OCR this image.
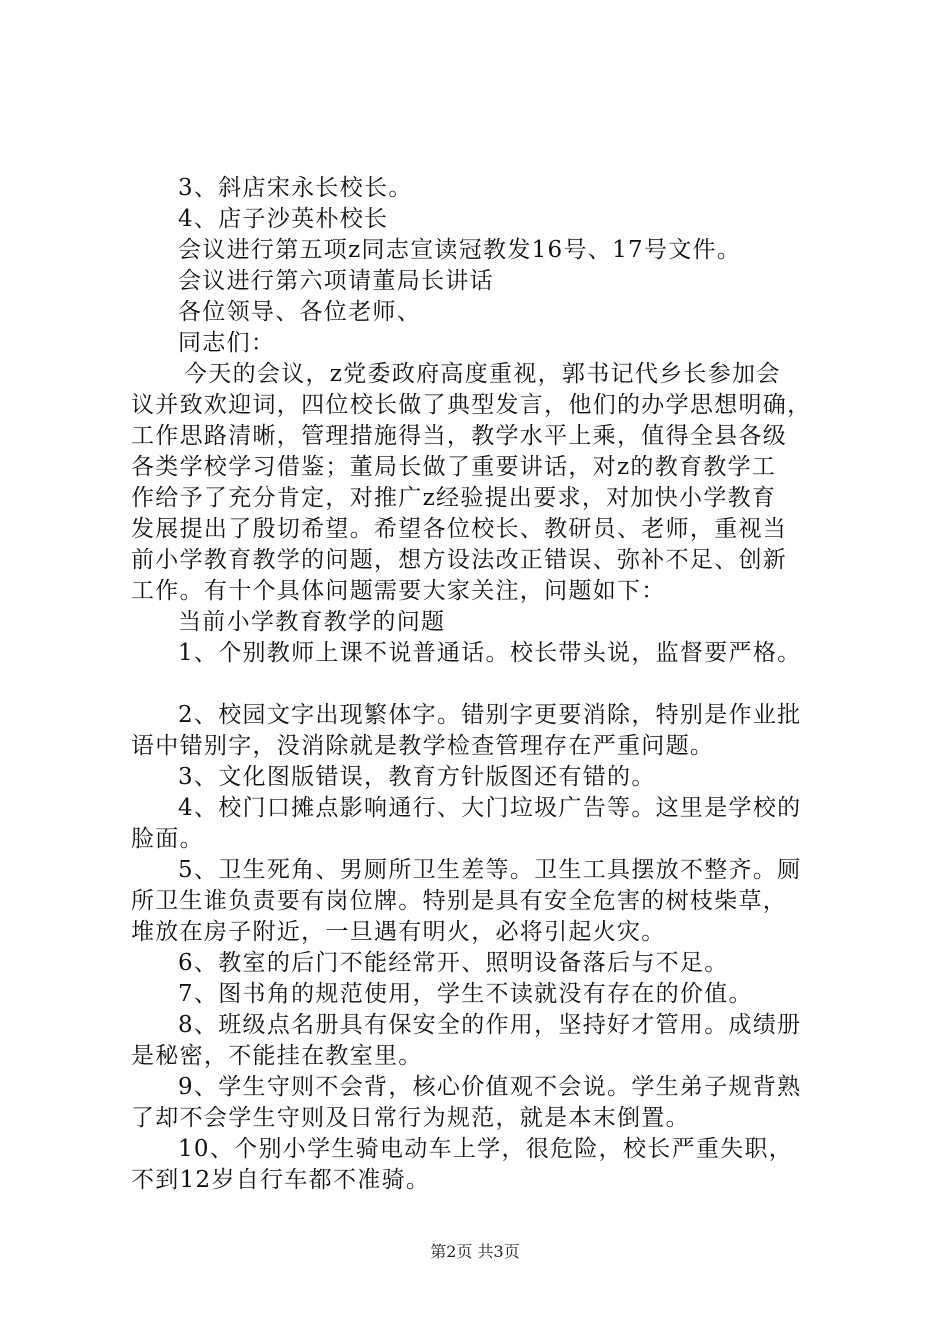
3、斜店宋永长校长。
4、店子沙英朴校长
会议进行第五项z同志宣读冠教发16号、17号文件。
会议进行第六项请董局长讲话
各位领导、各位老师、
同志们：
今天的会议，z党委政府高度重视，郭书记代乡长参加会
议并致欢迎词，四位校长做了典型发言，他们的办学思想明确，
工作思路清晰，管理措施得当，教学水平上乘，值得全县各级
各类学校学习借鉴；董局长做了重要讲话，对z的教育教学工
作给予了充分肯定，对推广z经验提出要求，对加快小学教育
发展提出了殷切希望。希望各位校长、教研员、老师，重视当
前小学教育教学的问题，想方设法改正错误、弥补不足、创新
工作。有十个具体问题需要大家关注，问题如下：
当前小学教育教学的问题
1、个别教师上课不说普通话。校长带头说，监督要严格。
2、校园文字出现繁体字。错别字更要消除，特别是作业批
语中错别字，没消除就是教学检查管理存在严重问题。
3、文化图版错误，教育方针版图还有错的。
4、校门口摊点影响通行、大门垃圾广告等。这里是学校的
脸面。
5、卫生死角、男厕所卫生差等。卫生工具摆放不整齐。厕
所卫生谁负责要有岗位牌。特别是具有安全危害的树枝柴草，
堆放在房子附近，一旦遇有明火，必将引起火灾。
6、教室的后门不能经常开、照明设备落后与不足。
7、图书角的规范使用，学生不读就没有存在的价值。
8、班级点名册具有保安全的作用，坚持好才管用。成绩册
是秘密，不能挂在教室里。
9、学生守则不会背，核心价值观不会说。学生弟子规背熟
了却不会学生守则及日常行为规范，就是本末倒置。
10、个别小学生骑电动车上学，很危险，校长严重失职，
不到12岁自行车都不准骑。
第2页 共3页
